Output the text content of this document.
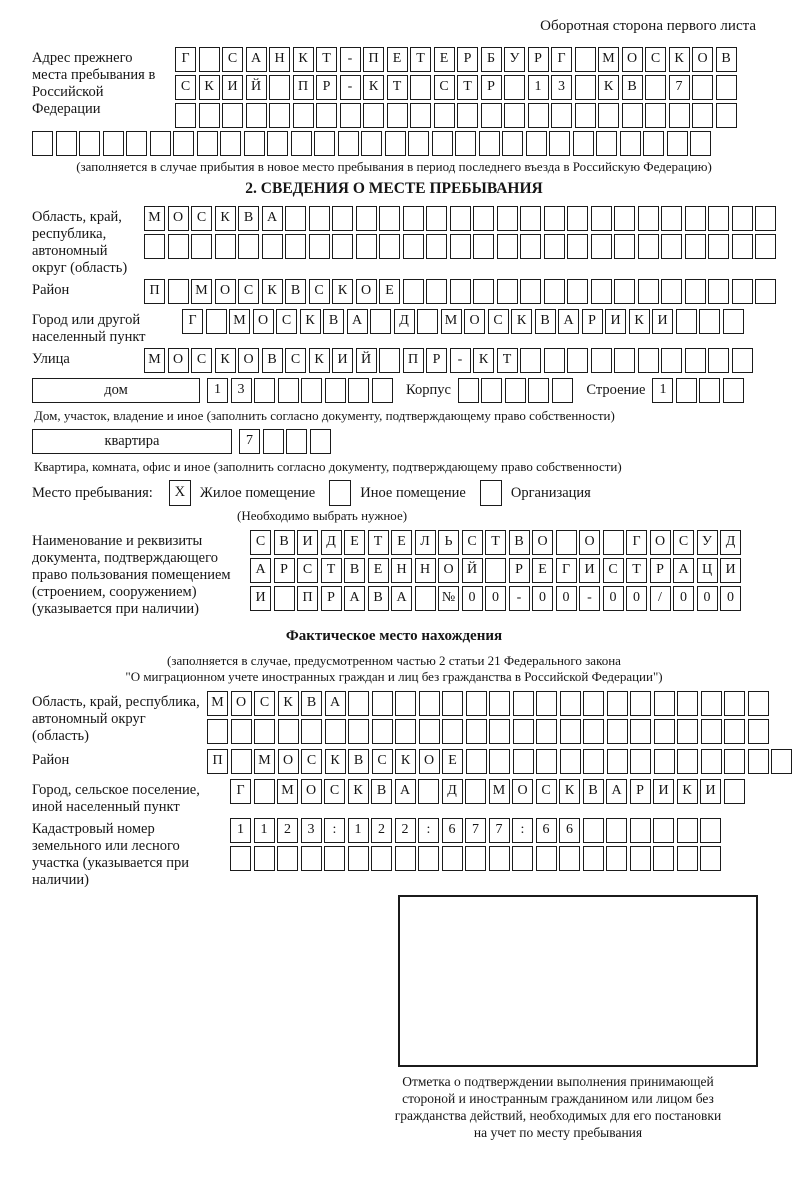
Оборотная сторона первого листа
Адрес прежнего места пребывания в Российской Федерации
Г	С А Н К Т - П Е Т Е Р Б У Р Г	М О С К О В
С К И Й	П Р - К Т	С Т Р	1 3	К В	7
(заполняется в случае прибытия в новое место пребывания в период последнего въезда в Российскую Федерацию)
2. СВЕДЕНИЯ О МЕСТЕ ПРЕБЫВАНИЯ
Область, край, республика, автономный округ (область)
М О С К В А
Район	П	М О С К В С К О Е
Город или другой населенный пункт
Г	М О С К В А	Д	М О С К В А Р И К И
Улица	М О С К О В С К И Й	П Р - К Т
дом	1 3	Корпус	Строение	1
Дом, участок, владение и иное (заполнить согласно документу, подтверждающему право собственности)
квартира	7
Квартира, комната, офис и иное (заполнить согласно документу, подтверждающему право собственности)
Место пребывания:	X	Жилое помещение	Иное помещение	Организация
(Необходимо выбрать нужное)
Наименование и реквизиты документа, подтверждающего право пользования помещением (строением, сооружением) (указывается при наличии)
С В И Д Е Т Е Л Ь С Т В О	О	Г О С У Д
А Р С Т В Е Н Н О Й	Р Е Г И С Т Р А Ц И
И	П Р А В А	№ 0 0 - 0 0 - 0 0 / 0 0 0
Фактическое место нахождения
(заполняется в случае, предусмотренном частью 2 статьи 21 Федерального закона
"О миграционном учете иностранных граждан и лиц без гражданства в Российской Федерации")
Область, край, республика, автономный округ (область)
М О С К В А
Район	П	М О С К В С К О Е
Город, сельское поселение, иной населенный пункт
Г	М О С К В А	Д	М О С К В А Р И К И
Кадастровый номер земельного или лесного участка (указывается при наличии)
1 1 2 3 : 1 2 2 : 6 7 7 : 6 6
Отметка о подтверждении выполнения принимающей
стороной и иностранным гражданином или лицом без
гражданства действий, необходимых для его постановки
на учет по месту пребывания
